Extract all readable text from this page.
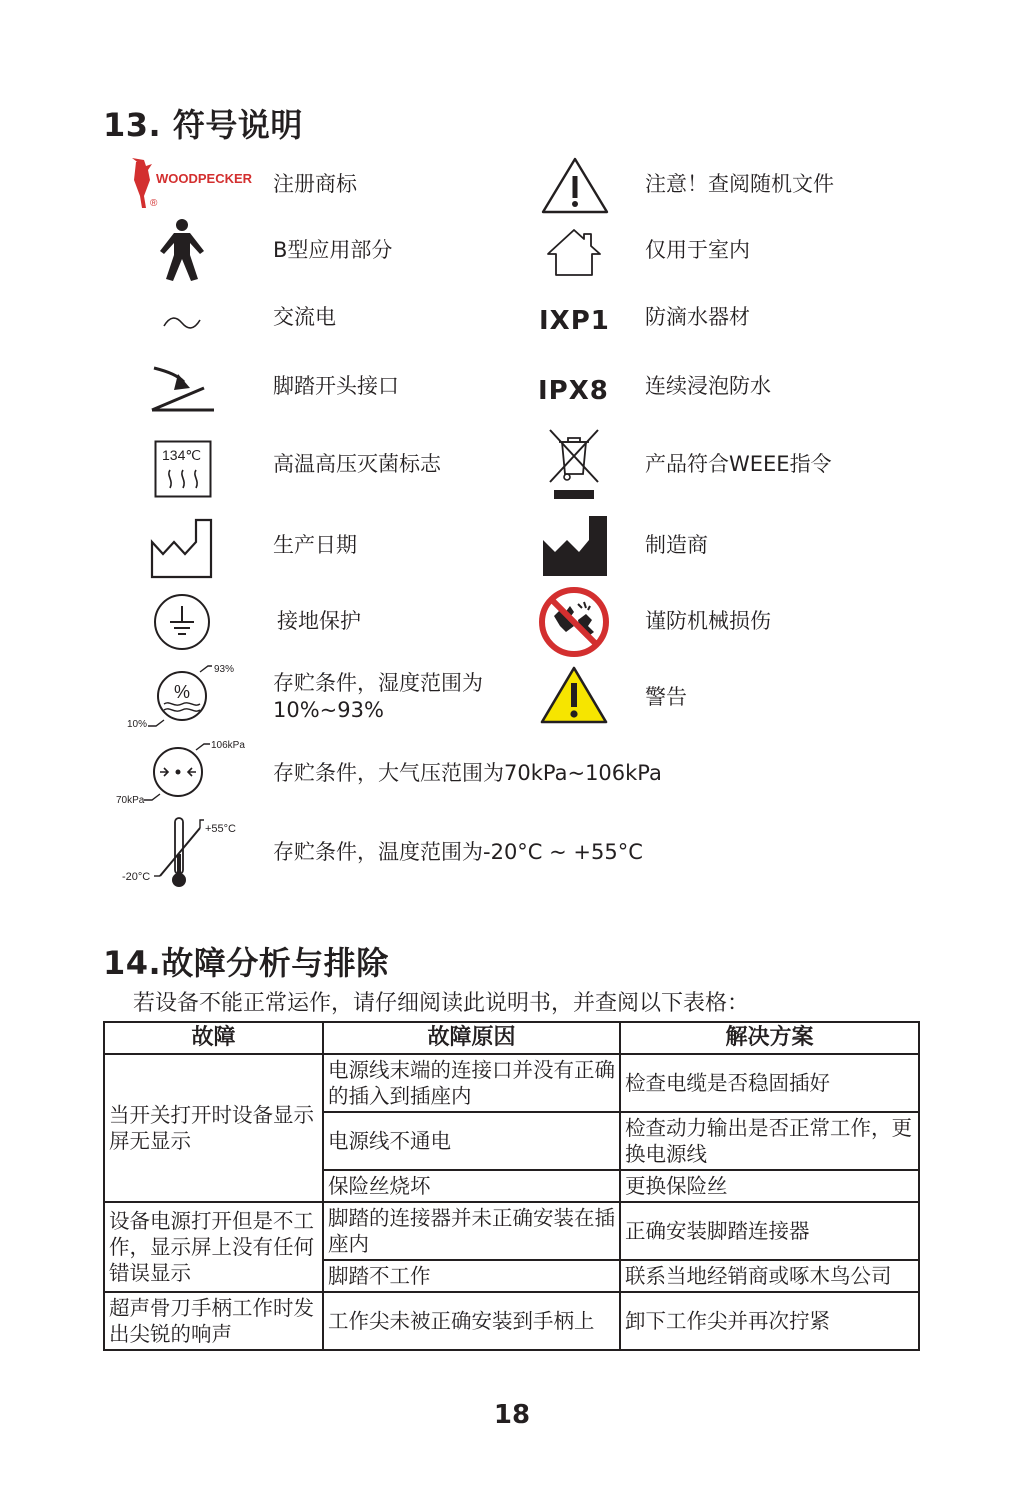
13. 符号说明
WOODPECKER
®
注册商标
B型应用部分
交流电
脚踏开头接口
134℃	高温高压灭菌标志
生产日期
接地保护
%
93%
10%
存贮条件，湿度范围为
10%~93%
106kPa
70kPa
存贮条件，大气压范围为70kPa~106kPa
+55°C
-20°C
存贮条件，温度范围为-20°C ~ +55°C
注意！查阅随机文件
仅用于室内
IXP1 防滴水器材
IPX8 连续浸泡防水
产品符合WEEE指令
制造商
谨防机械损伤
警告
14.故障分析与排除
若设备不能正常运作，请仔细阅读此说明书，并查阅以下表格：
故障	故障原因	解决方案
当开关打开时设备显示屏无显示	电源线末端的连接口并没有正确的插入到插座内	检查电缆是否稳固插好
	电源线不通电	检查动力输出是否正常工作，更换电源线
	保险丝烧坏	更换保险丝
设备电源打开但是不工作，显示屏上没有任何错误显示	脚踏的连接器并未正确安装在插座内	正确安装脚踏连接器
	脚踏不工作	联系当地经销商或啄木鸟公司
超声骨刀手柄工作时发出尖锐的响声	工作尖未被正确安装到手柄上	卸下工作尖并再次拧紧
18
